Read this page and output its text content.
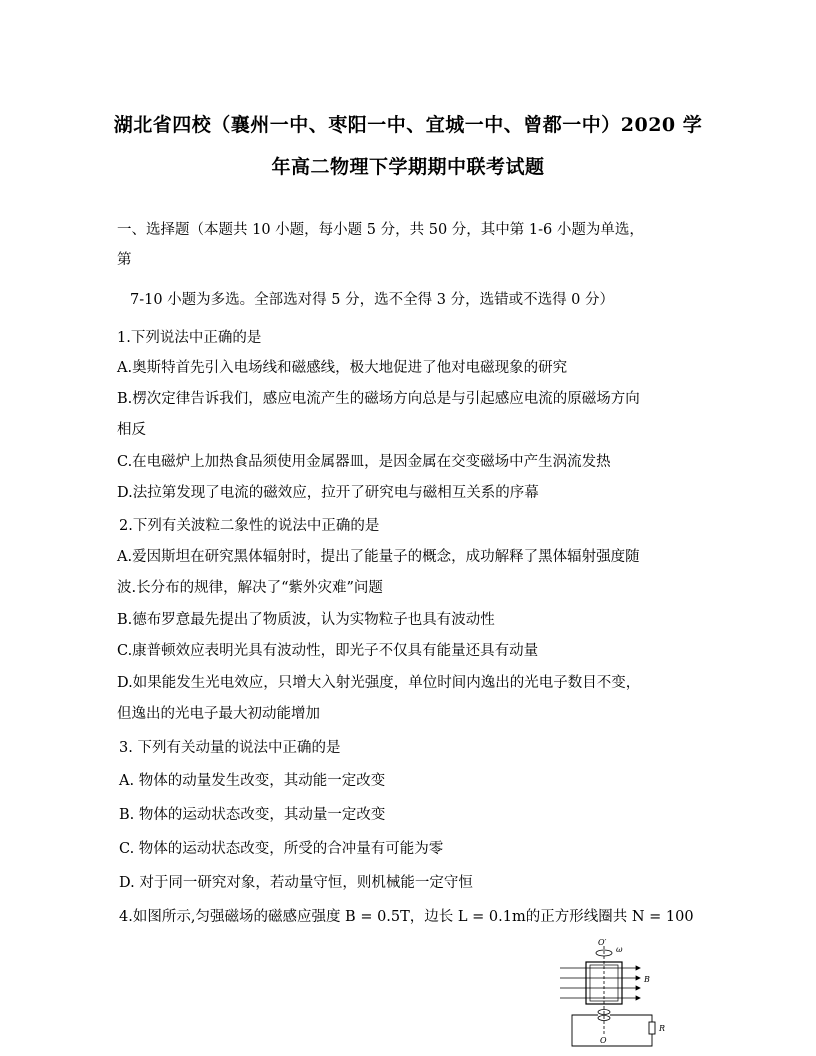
湖北省四校（襄州一中、枣阳一中、宜城一中、曾都一中）2020 学
年高二物理下学期期中联考试题
一、选择题（本题共 10 小题，每小题 5 分，共 50 分，其中第 1-6 小题为单选，
第
7-10 小题为多选。全部选对得 5 分，选不全得 3 分，选错或不选得 0 分）
1.下列说法中正确的是
A.奥斯特首先引入电场线和磁感线，极大地促进了他对电磁现象的研究
B.楞次定律告诉我们，感应电流产生的磁场方向总是与引起感应电流的原磁场方向
相反
C.在电磁炉上加热食品须使用金属器皿，是因金属在交变磁场中产生涡流发热
D.法拉第发现了电流的磁效应，拉开了研究电与磁相互关系的序幕
2.下列有关波粒二象性的说法中正确的是
A.爱因斯坦在研究黑体辐射时，提出了能量子的概念，成功解释了黑体辐射强度随
波.长分布的规律，解决了“紫外灾难”问题
B.德布罗意最先提出了物质波，认为实物粒子也具有波动性
C.康普顿效应表明光具有波动性，即光子不仅具有能量还具有动量
D.如果能发生光电效应，只增大入射光强度，单位时间内逸出的光电子数目不变，
但逸出的光电子最大初动能增加
3. 下列有关动量的说法中正确的是
A. 物体的动量发生改变，其动能一定改变
B. 物体的运动状态改变，其动量一定改变
C. 物体的运动状态改变，所受的合冲量有可能为零
D. 对于同一研究对象，若动量守恒，则机械能一定守恒
4.如图所示,匀强磁场的磁感应强度 B = 0.5T，边长 L = 0.1m的正方形线圈共 N = 100
O′
ω
B
R
O
